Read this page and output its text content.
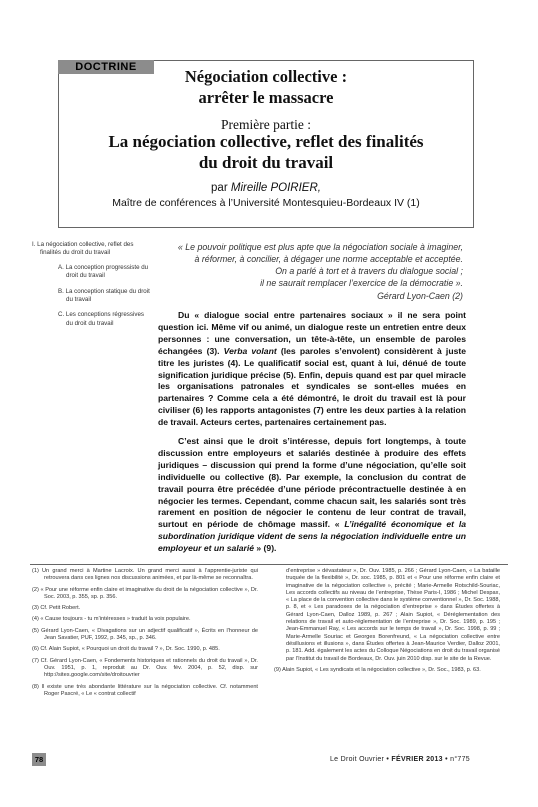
DOCTRINE	Négociation collective :
arrêter le massacre
Première partie :
La négociation collective, reflet des finalités
du droit du travail
par Mireille POIRIER,
Maître de conférences à l’Université Montesquieu-Bordeaux IV (1)
I. La négociation collective, reflet des finalités du droit du travail
A. La conception progressiste du droit du travail
B. La conception statique du droit du travail
C. Les conceptions régressives du droit du travail
« Le pouvoir politique est plus apte que la négociation sociale à imaginer,
à réformer, à concilier, à dégager une norme acceptable et acceptée.
On a parlé à tort et à travers du dialogue social ;
il ne saurait remplacer l’exercice de la démocratie ».
Gérard Lyon-Caen (2)
Du « dialogue social entre partenaires sociaux » il ne sera point question ici. Même vif ou animé, un dialogue reste un entretien entre deux personnes : une conversation, un tête-à-tête, un ensemble de paroles échangées (3). Verba volant (les paroles s’envolent) considèrent à juste titre les juristes (4). Le qualificatif social est, quant à lui, dénué de toute signification juridique précise (5). Enfin, depuis quand est par quel miracle les organisations patronales et syndicales se sont-elles muées en partenaires ? Comme cela a été démontré, le droit du travail est là pour civiliser (6) les rapports antagonistes (7) entre les deux parties à la relation de travail. Acteurs certes, partenaires certainement pas.
C’est ainsi que le droit s’intéresse, depuis fort longtemps, à toute discussion entre employeurs et salariés destinée à produire des effets juridiques – discussion qui prend la forme d’une négociation, qu’elle soit individuelle ou collective (8). Par exemple, la conclusion du contrat de travail pourra être précédée d’une période précontractuelle destinée à en négocier les termes. Cependant, comme chacun sait, les salariés sont très rarement en position de négocier le contenu de leur contrat de travail, surtout en période de chômage massif. « L’inégalité économique et la subordination juridique vident de sens la négociation individuelle entre un employeur et un salarié » (9).
(1) Un grand merci à Martine Lacroix. Un grand merci aussi à l’apprentie-juriste qui retrouvera dans ces lignes nos discussions animées, et par là-même se reconnaîtra.
(2) « Pour une réforme enfin claire et imaginative du droit de la négociation collective », Dr. Soc. 2003, p. 355, sp. p. 356.
(3) Cf. Petit Robert.
(4) « Cause toujours - tu m’intéresses » traduit la voix populaire.
(5) Gérard Lyon-Caen, « Divagations sur un adjectif qualificatif », Écrits en l’honneur de Jean Savatier, PUF, 1992, p. 345, sp., p. 346.
(6) Cf. Alain Supiot, « Pourquoi un droit du travail ? », Dr. Soc. 1990, p. 485.
(7) Cf. Gérard Lyon-Caen, « Fondements historiques et rationnels du droit du travail », Dr. Ouv. 1951, p. 1, reproduit au Dr. Ouv. fév. 2004, p. 52, disp. sur http://sites.google.com/site/droitouvrier
(8) Il existe une très abondante littérature sur la négociation collective. Cf. notamment Roger Pascré, « Le « contrat collectif
d’entreprise » dévastateur », Dr. Ouv. 1985, p. 266 ; Gérard Lyon-Caen, « La bataille truquée de la flexibilité », Dr. soc. 1985, p. 801 et « Pour une réforme enfin claire et imaginative de la négociation collective », précité ; Marie-Armelle Rotschild-Souriac, Les accords collectifs au niveau de l’entreprise, Thèse Paris-I, 1986 ; Michel Despax, « La place de la convention collective dans le système conventionnel », Dr. Soc. 1988, p. 8, et « Les paradoxes de la négociation d’entreprise » dans Études offertes à Gérard Lyon-Caen, Dalloz 1989, p. 267 ; Alain Supiot, « Déréglementation des relations de travail et auto-réglementation de l’entreprise », Dr. Soc. 1989, p. 195 ; Jean-Emmanuel Ray, « Les accords sur le temps de travail », Dr. Soc. 1998, p. 99 ; Marie-Armelle Souriac et Georges Borenfreund, « La négociation collective entre désillusions et illusions », dans Études offertes à Jean-Maurice Verdier, Dalloz 2001, p. 181. Add. également les actes du Colloque Négociations en droit du travail organisé par l’Institut du travail de Bordeaux, Dr. Ouv. juin 2010 disp. sur le site de la Revue.
(9) Alain Supiot, « Les syndicats et la négociation collective », Dr. Soc., 1983, p. 63.
78	Le Droit Ouvrier • FÉVRIER 2013 • n°775
